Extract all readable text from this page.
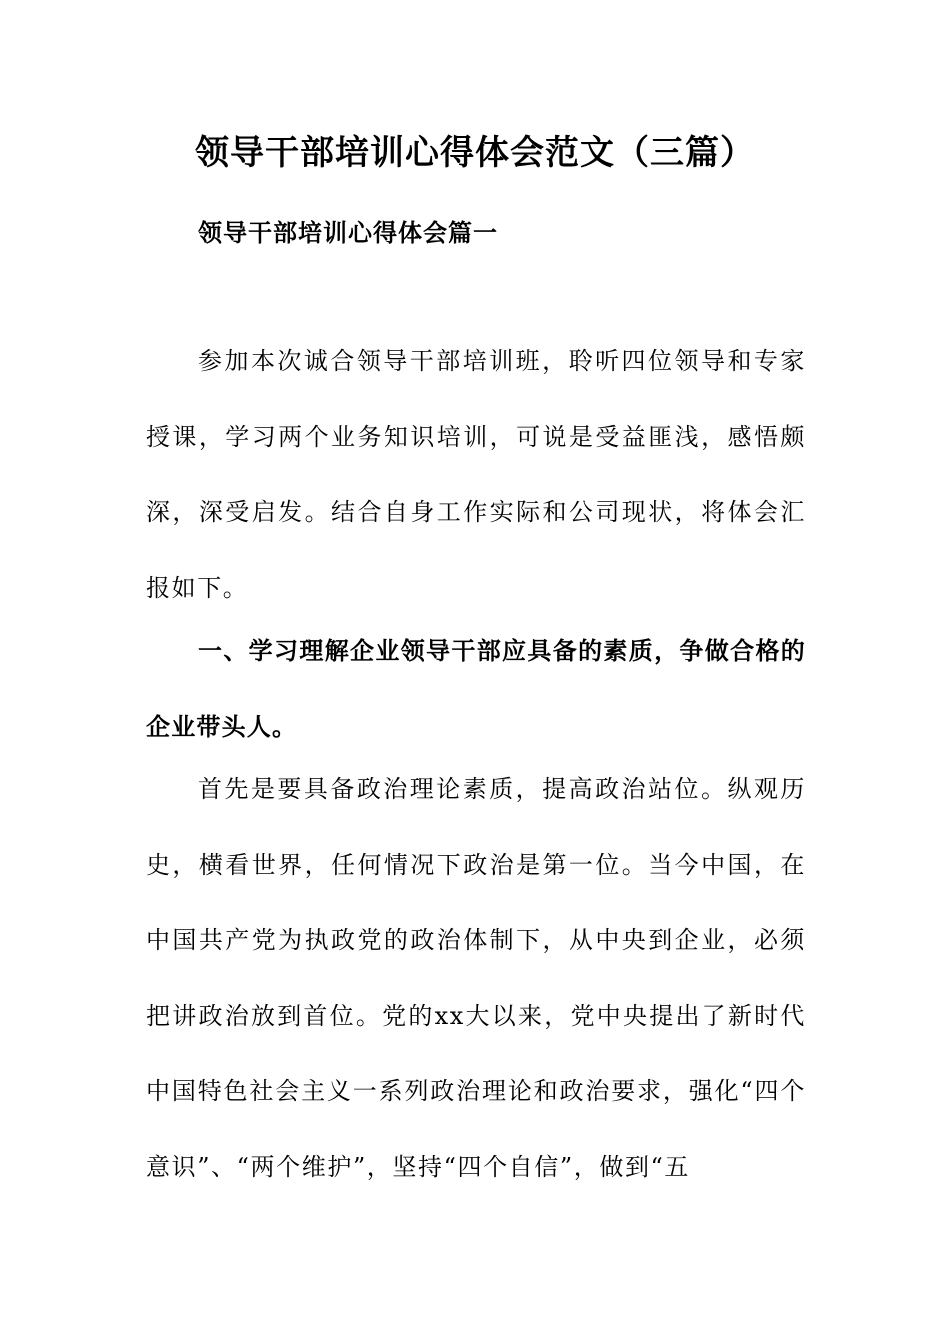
领导干部培训心得体会范文（三篇）
领导干部培训心得体会篇一

参加本次诚合领导干部培训班，聆听四位领导和专家授课，学习两个业务知识培训，可说是受益匪浅，感悟颇深，深受启发。结合自身工作实际和公司现状，将体会汇报如下。

一、学习理解企业领导干部应具备的素质，争做合格的企业带头人。

首先是要具备政治理论素质，提高政治站位。纵观历史，横看世界，任何情况下政治是第一位。当今中国，在中国共产党为执政党的政治体制下，从中央到企业，必须把讲政治放到首位。党的xx大以来，党中央提出了新时代中国特色社会主义一系列政治理论和政治要求，强化“四个意识”、“两个维护”，坚持“四个自信”，做到“五
